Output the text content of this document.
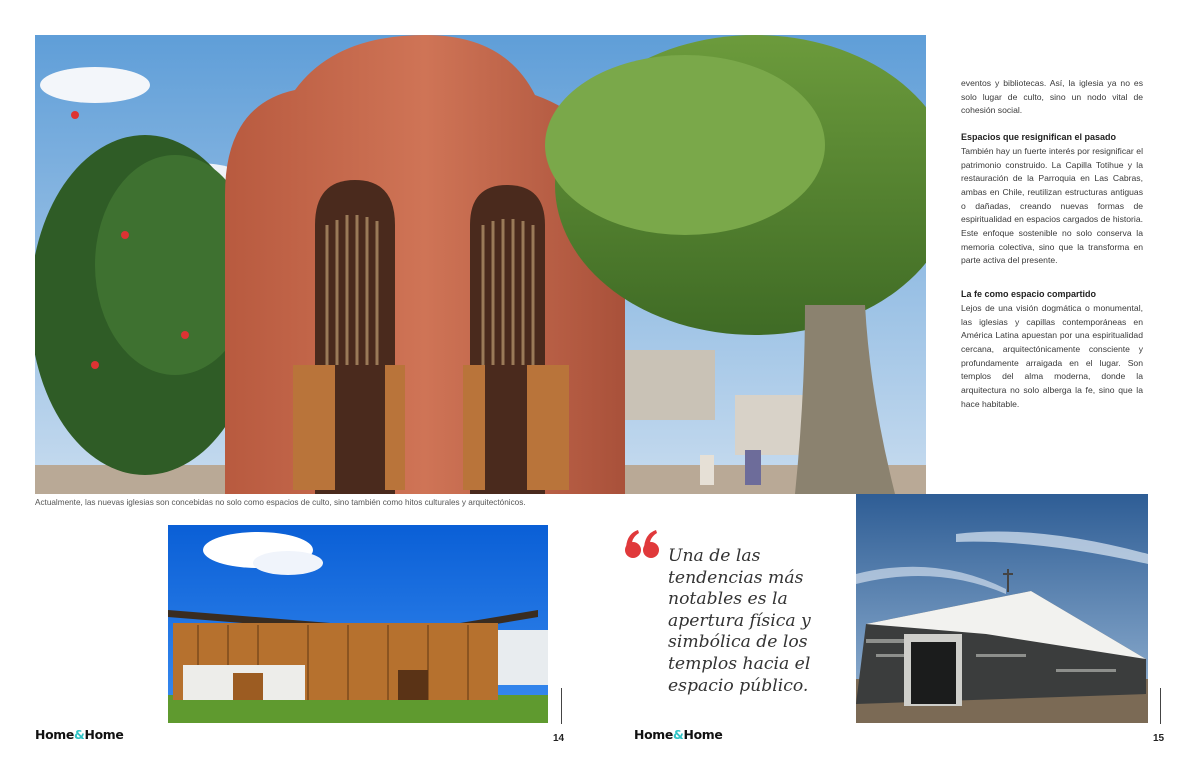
eventos y bibliotecas. Así, la iglesia ya no es solo lugar de culto, sino un nodo vital de cohesión social.

Espacios que resignifican el pasado

También hay un fuerte interés por resignificar el patrimonio construido. La Capilla Totihue y la restauración de la Parroquia en Las Cabras, ambas en Chile, reutilizan estructuras antiguas o dañadas, creando nuevas formas de espiritualidad en espacios cargados de historia. Este enfoque sostenible no solo conserva la memoria colectiva, sino que la transforma en parte activa del presente.

La fe como espacio compartido

Lejos de una visión dogmática o monumental, las iglesias y capillas contemporáneas en América Latina apuestan por una espiritualidad cercana, arquitectónicamente consciente y profundamente arraigada en el lugar. Son templos del alma moderna, donde la arquitectura no solo alberga la fe, sino que la hace habitable.

Actualmente, las nuevas iglesias son concebidas no solo como espacios de culto, sino también como hitos culturales y arquitectónicos.
Una de las tendencias más notables es la apertura física y simbólica de los templos hacia el espacio público.
Home&Home	14	Home&Home	15
